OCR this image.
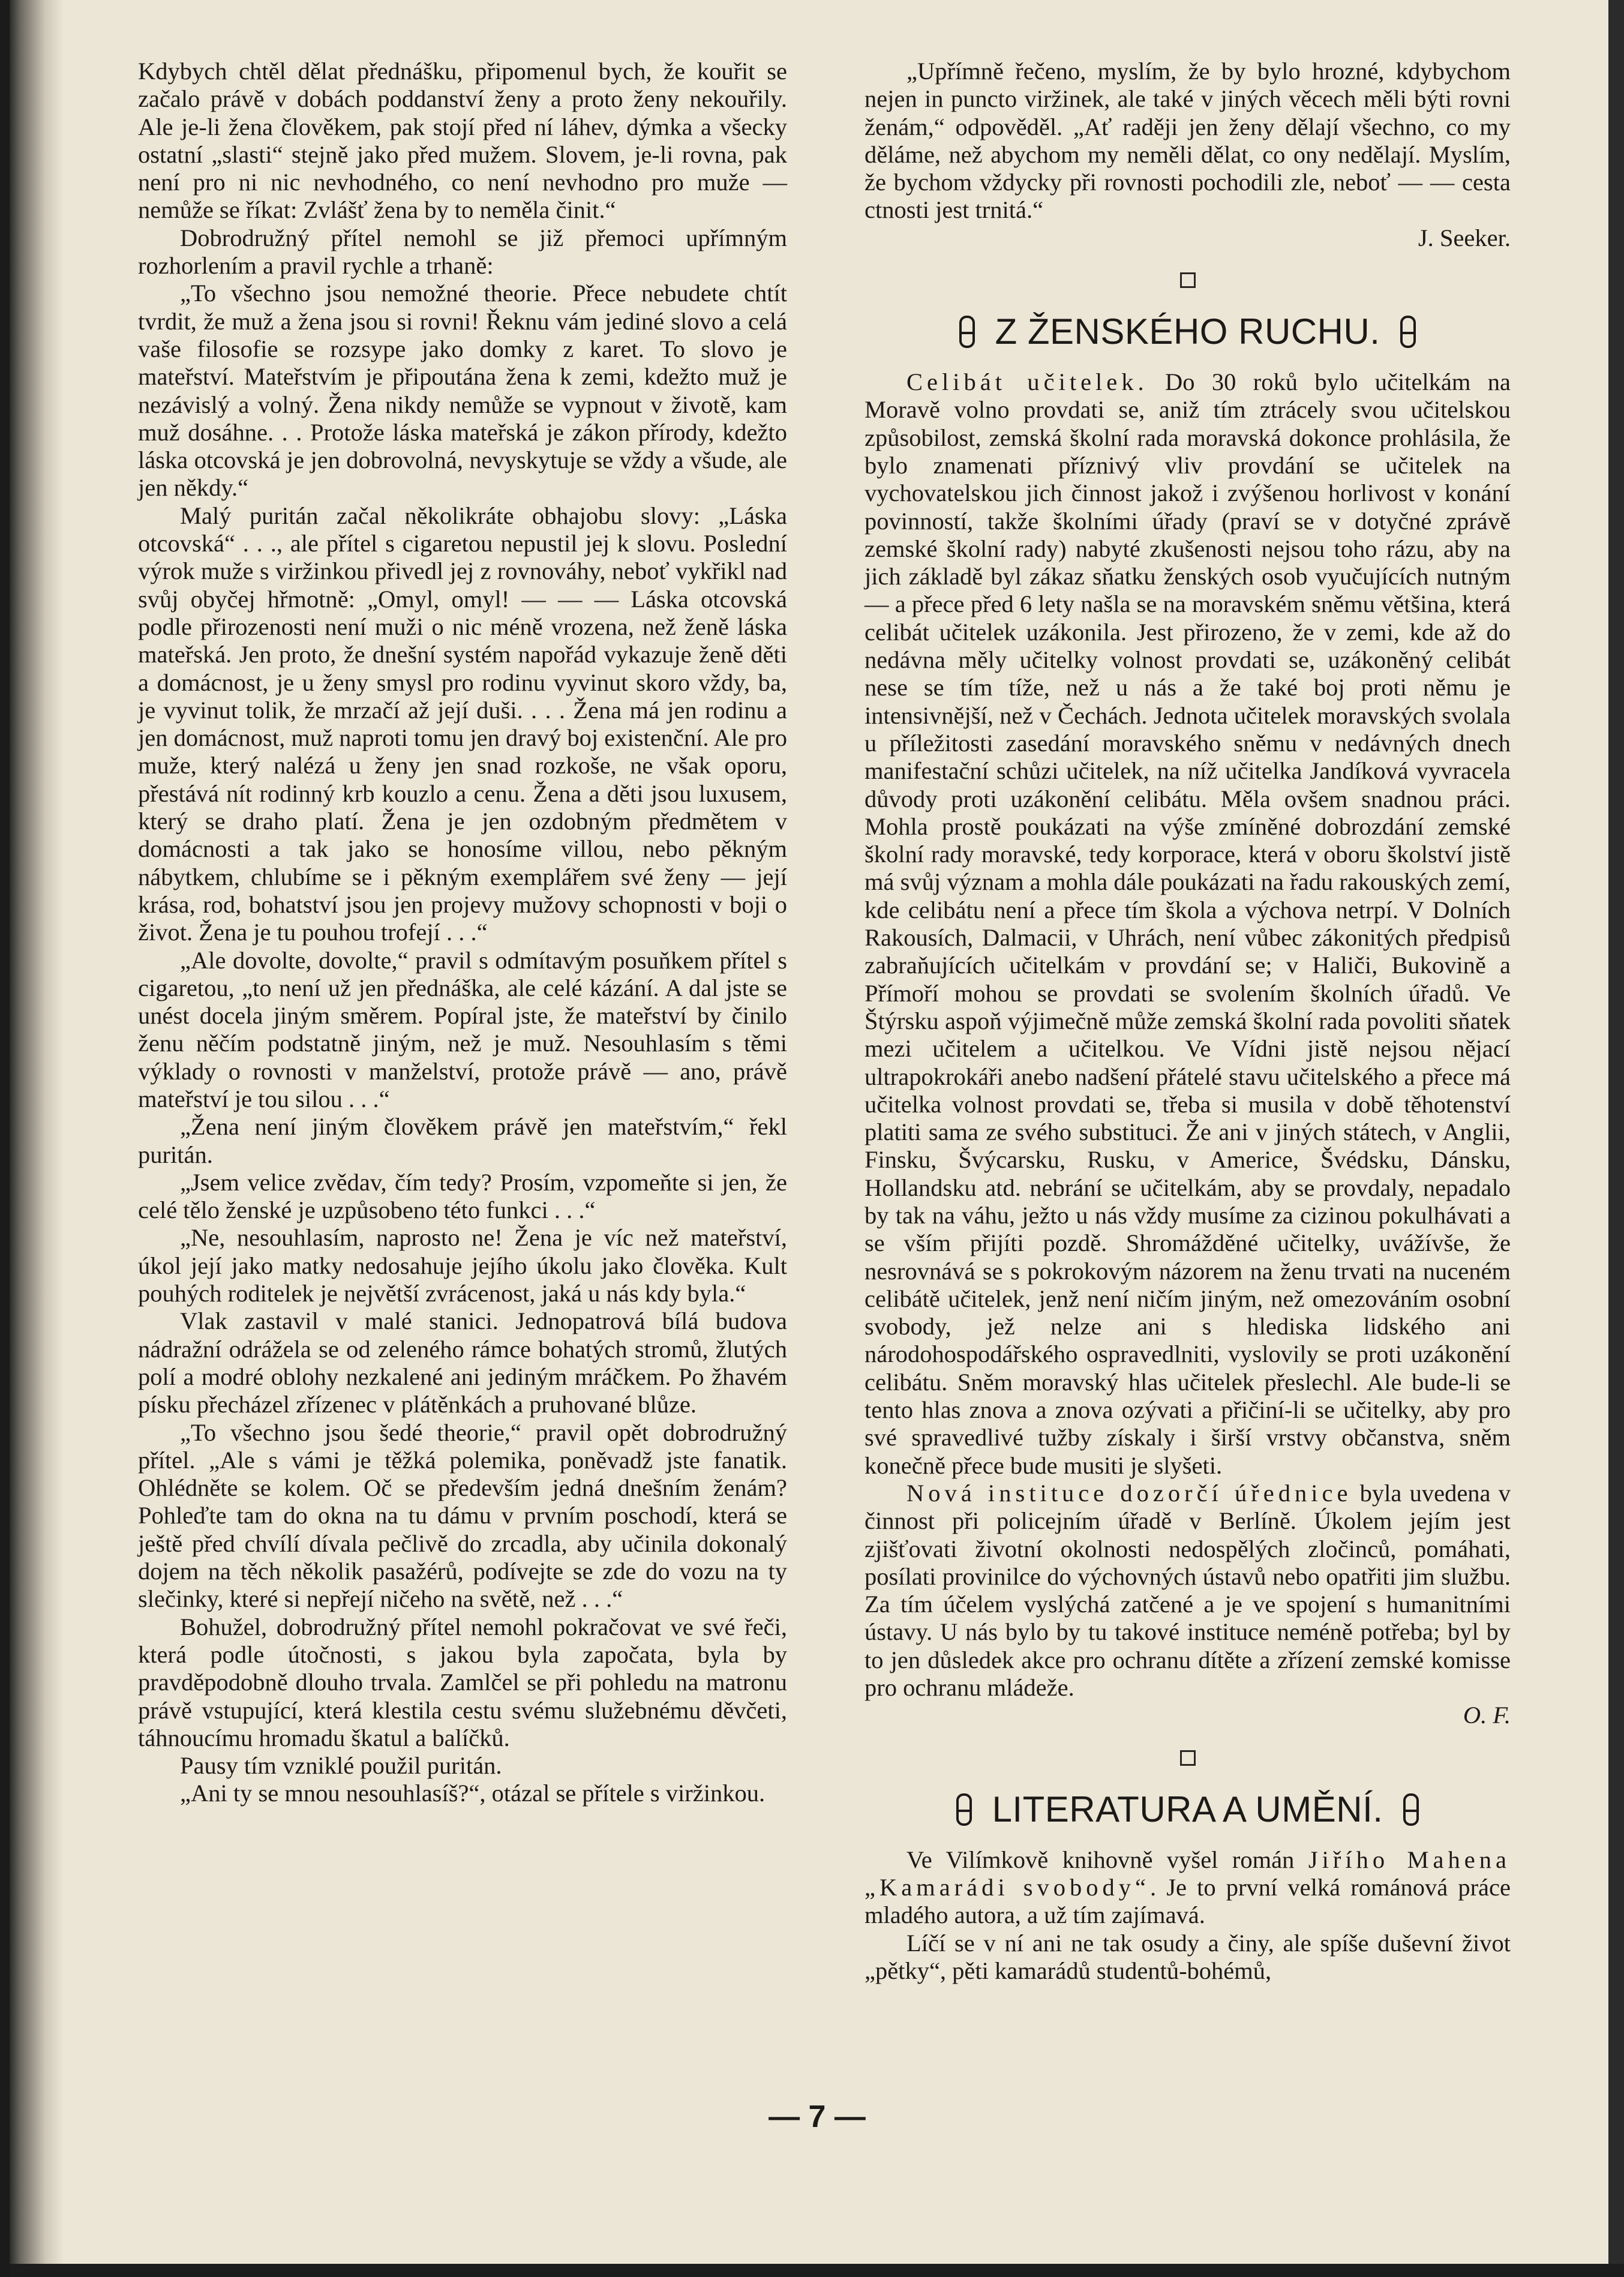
Kdybych chtěl dělat přednášku, připomenul bych, že kouřit se začalo právě v dobách poddanství ženy a proto ženy nekouřily. Ale je-li žena člověkem, pak stojí před ní láhev, dýmka a všecky ostatní „slasti“ stejně jako před mužem. Slovem, je-li rovna, pak není pro ni nic nevhodného, co není nevhodno pro muže — nemůže se říkat: Zvlášť žena by to neměla činit.“

Dobrodružný přítel nemohl se již přemoci upřímným rozhorlením a pravil rychle a trhaně:

„To všechno jsou nemožné theorie. Přece nebudete chtít tvrdit, že muž a žena jsou si rovni! Řeknu vám jediné slovo a celá vaše filosofie se rozsype jako domky z karet. To slovo je mateřství. Mateřstvím je připoutána žena k zemi, kdežto muž je nezávislý a volný. Žena nikdy nemůže se vypnout v životě, kam muž dosáhne. . . Protože láska mateřská je zákon přírody, kdežto láska otcovská je jen dobrovolná, nevyskytuje se vždy a všude, ale jen někdy.“

Malý puritán začal několikráte obhajobu slovy: „Láska otcovská“ . . ., ale přítel s cigaretou nepustil jej k slovu. Poslední výrok muže s viržinkou přivedl jej z rovnováhy, neboť vykřikl nad svůj obyčej hřmotně: „Omyl, omyl! — — — Láska otcovská podle přirozenosti není muži o nic méně vrozena, než ženě láska mateřská. Jen proto, že dnešní systém napořád vykazuje ženě děti a domácnost, je u ženy smysl pro rodinu vyvinut skoro vždy, ba, je vyvinut tolik, že mrzačí až její duši. . . . Žena má jen rodinu a jen domácnost, muž naproti tomu jen dravý boj existenční. Ale pro muže, který nalézá u ženy jen snad rozkoše, ne však oporu, přestává nít rodinný krb kouzlo a cenu. Žena a děti jsou luxusem, který se draho platí. Žena je jen ozdobným předmětem v domácnosti a tak jako se honosíme villou, nebo pěkným nábytkem, chlubíme se i pěkným exemplářem své ženy — její krása, rod, bohatství jsou jen projevy mužovy schopnosti v boji o život. Žena je tu pouhou trofejí . . .“

„Ale dovolte, dovolte,“ pravil s odmítavým posuňkem přítel s cigaretou, „to není už jen přednáška, ale celé kázání. A dal jste se unést docela jiným směrem. Popíral jste, že mateřství by činilo ženu něčím podstatně jiným, než je muž. Nesouhlasím s těmi výklady o rovnosti v manželství, protože právě — ano, právě mateřství je tou silou . . .“

„Žena není jiným člověkem právě jen mateřstvím,“ řekl puritán.

„Jsem velice zvědav, čím tedy? Prosím, vzpomeňte si jen, že celé tělo ženské je uzpůsobeno této funkci . . .“

„Ne, nesouhlasím, naprosto ne! Žena je víc než mateřství, úkol její jako matky nedosahuje jejího úkolu jako člověka. Kult pouhých roditelek je největší zvrácenost, jaká u nás kdy byla.“

Vlak zastavil v malé stanici. Jednopatrová bílá budova nádražní odrážela se od zeleného rámce bohatých stromů, žlutých polí a modré oblohy nezkalené ani jediným mráčkem. Po žhavém písku přecházel zřízenec v plátěnkách a pruhované blůze.

„To všechno jsou šedé theorie,“ pravil opět dobrodružný přítel. „Ale s vámi je těžká polemika, poněvadž jste fanatik. Ohlédněte se kolem. Oč se především jedná dnešním ženám? Pohleďte tam do okna na tu dámu v prvním poschodí, která se ještě před chvílí dívala pečlivě do zrcadla, aby učinila dokonalý dojem na těch několik pasažérů, podívejte se zde do vozu na ty slečinky, které si nepřejí ničeho na světě, než . . .“

Bohužel, dobrodružný přítel nemohl pokračovat ve své řeči, která podle útočnosti, s jakou byla započata, byla by pravděpodobně dlouho trvala. Zamlčel se při pohledu na matronu právě vstupující, která klestila cestu svému služebnému děvčeti, táhnoucímu hromadu škatul a balíčků.

Pausy tím vzniklé použil puritán.

„Ani ty se mnou nesouhlasíš?“, otázal se přítele s viržinkou.

„Upřímně řečeno, myslím, že by bylo hrozné, kdybychom nejen in puncto viržinek, ale také v jiných věcech měli býti rovni ženám,“ odpověděl. „Ať raději jen ženy dělají všechno, co my děláme, než abychom my neměli dělat, co ony nedělají. Myslím, že bychom vždycky při rovnosti pochodili zle, neboť — — cesta ctnosti jest trnitá.“
J. Seeker.

Z ŽENSKÉHO RUCHU.

Celibát učitelek. Do 30 roků bylo učitelkám na Moravě volno provdati se, aniž tím ztrácely svou učitelskou způsobilost, zemská školní rada moravská dokonce prohlásila, že bylo znamenati příznivý vliv provdání se učitelek na vychovatelskou jich činnost jakož i zvýšenou horlivost v konání povinností, takže školními úřady (praví se v dotyčné zprávě zemské školní rady) nabyté zkušenosti nejsou toho rázu, aby na jich základě byl zákaz sňatku ženských osob vyučujících nutným — a přece před 6 lety našla se na moravském sněmu většina, která celibát učitelek uzákonila. Jest přirozeno, že v zemi, kde až do nedávna měly učitelky volnost provdati se, uzákoněný celibát nese se tím tíže, než u nás a že také boj proti němu je intensivnější, než v Čechách. Jednota učitelek moravských svolala u příležitosti zasedání moravského sněmu v nedávných dnech manifestační schůzi učitelek, na níž učitelka Jandíková vyvracela důvody proti uzákonění celibátu. Měla ovšem snadnou práci. Mohla prostě poukázati na výše zmíněné dobrozdání zemské školní rady moravské, tedy korporace, která v oboru školství jistě má svůj význam a mohla dále poukázati na řadu rakouských zemí, kde celibátu není a přece tím škola a výchova netrpí. V Dolních Rakousích, Dalmacii, v Uhrách, není vůbec zákonitých předpisů zabraňujících učitelkám v provdání se; v Haliči, Bukovině a Přímoří mohou se provdati se svolením školních úřadů. Ve Štýrsku aspoň výjimečně může zemská školní rada povoliti sňatek mezi učitelem a učitelkou. Ve Vídni jistě nejsou nějací ultrapokrokáři anebo nadšení přátelé stavu učitelského a přece má učitelka volnost provdati se, třeba si musila v době těhotenství platiti sama ze svého substituci. Že ani v jiných státech, v Anglii, Finsku, Švýcarsku, Rusku, v Americe, Švédsku, Dánsku, Hollandsku atd. nebrání se učitelkám, aby se provdaly, nepadalo by tak na váhu, ježto u nás vždy musíme za cizinou pokulhávati a se vším přijíti pozdě. Shromážděné učitelky, uvážívše, že nesrovnává se s pokrokovým názorem na ženu trvati na nuceném celibátě učitelek, jenž není ničím jiným, než omezováním osobní svobody, jež nelze ani s hlediska lidského ani národohospodářského ospravedlniti, vyslovily se proti uzákonění celibátu. Sněm moravský hlas učitelek přeslechl. Ale bude-li se tento hlas znova a znova ozývati a přičiní-li se učitelky, aby pro své spravedlivé tužby získaly i širší vrstvy občanstva, sněm konečně přece bude musiti je slyšeti.

Nová instituce dozorčí úřednice byla uvedena v činnost při policejním úřadě v Berlíně. Úkolem jejím jest zjišťovati životní okolnosti nedospělých zločinců, pomáhati, posílati provinilce do výchovných ústavů nebo opatřiti jim službu. Za tím účelem vyslýchá zatčené a je ve spojení s humanitními ústavy. U nás bylo by tu takové instituce neméně potřeba; byl by to jen důsledek akce pro ochranu dítěte a zřízení zemské komisse pro ochranu mládeže.
O. F.

LITERATURA A UMĚNÍ.

Ve Vilímkově knihovně vyšel román Jiřího Mahena „Kamarádi svobody“. Je to první velká románová práce mladého autora, a už tím zajímavá.

Líčí se v ní ani ne tak osudy a činy, ale spíše duševní život „pětky“, pěti kamarádů studentů-bohémů,

— 7 —
